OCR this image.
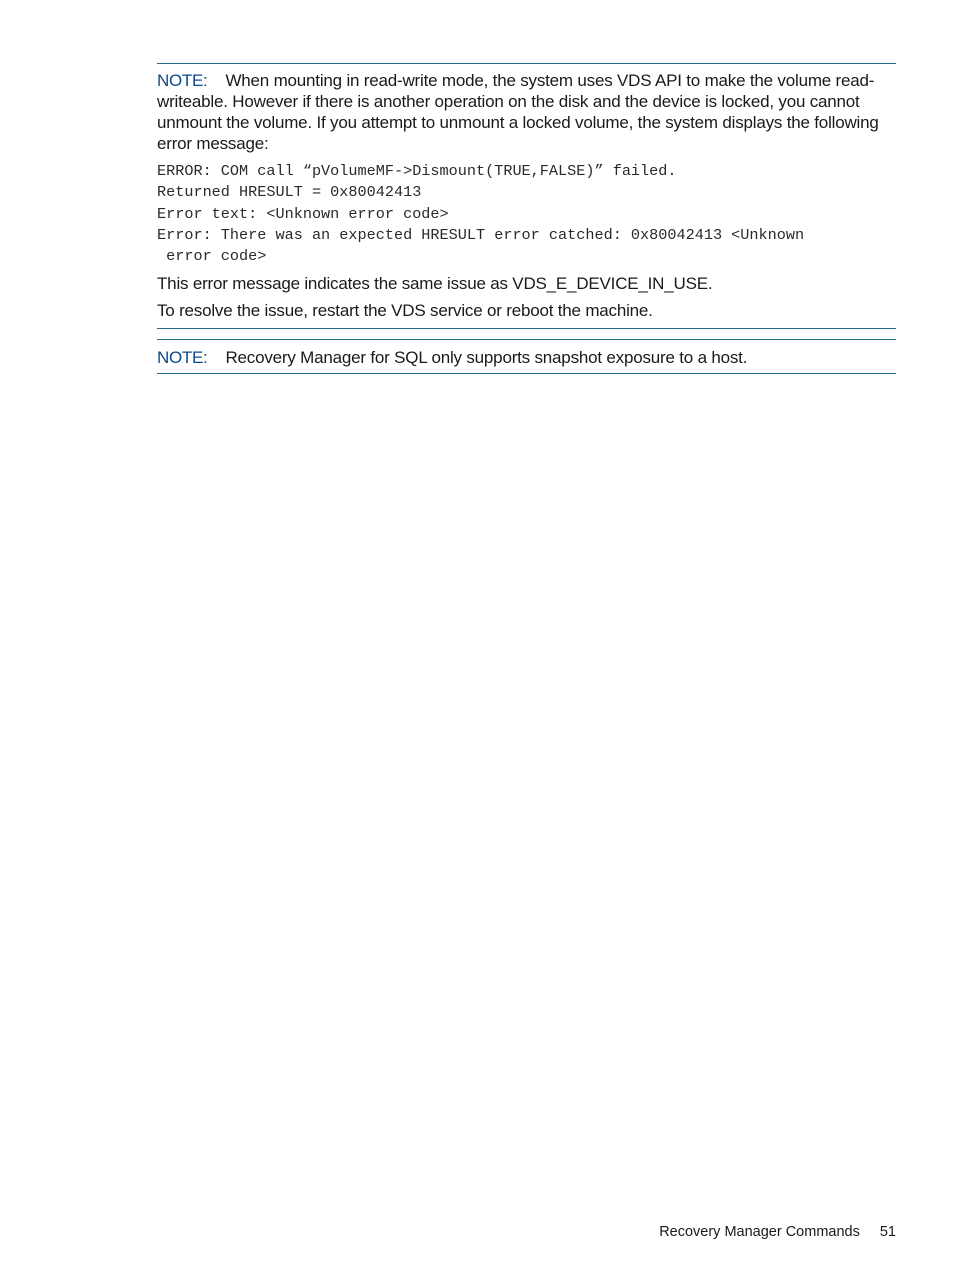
NOTE: When mounting in read-write mode, the system uses VDS API to make the volume read-writeable. However if there is another operation on the disk and the device is locked, you cannot unmount the volume. If you attempt to unmount a locked volume, the system displays the following error message:

ERROR: COM call “pVolumeMF->Dismount(TRUE,FALSE)” failed.
Returned HRESULT = 0x80042413
Error text: <Unknown error code>
Error: There was an expected HRESULT error catched: 0x80042413 <Unknown
error code>

This error message indicates the same issue as VDS_E_DEVICE_IN_USE.

To resolve the issue, restart the VDS service or reboot the machine.

NOTE: Recovery Manager for SQL only supports snapshot exposure to a host.

Recovery Manager Commands 51
